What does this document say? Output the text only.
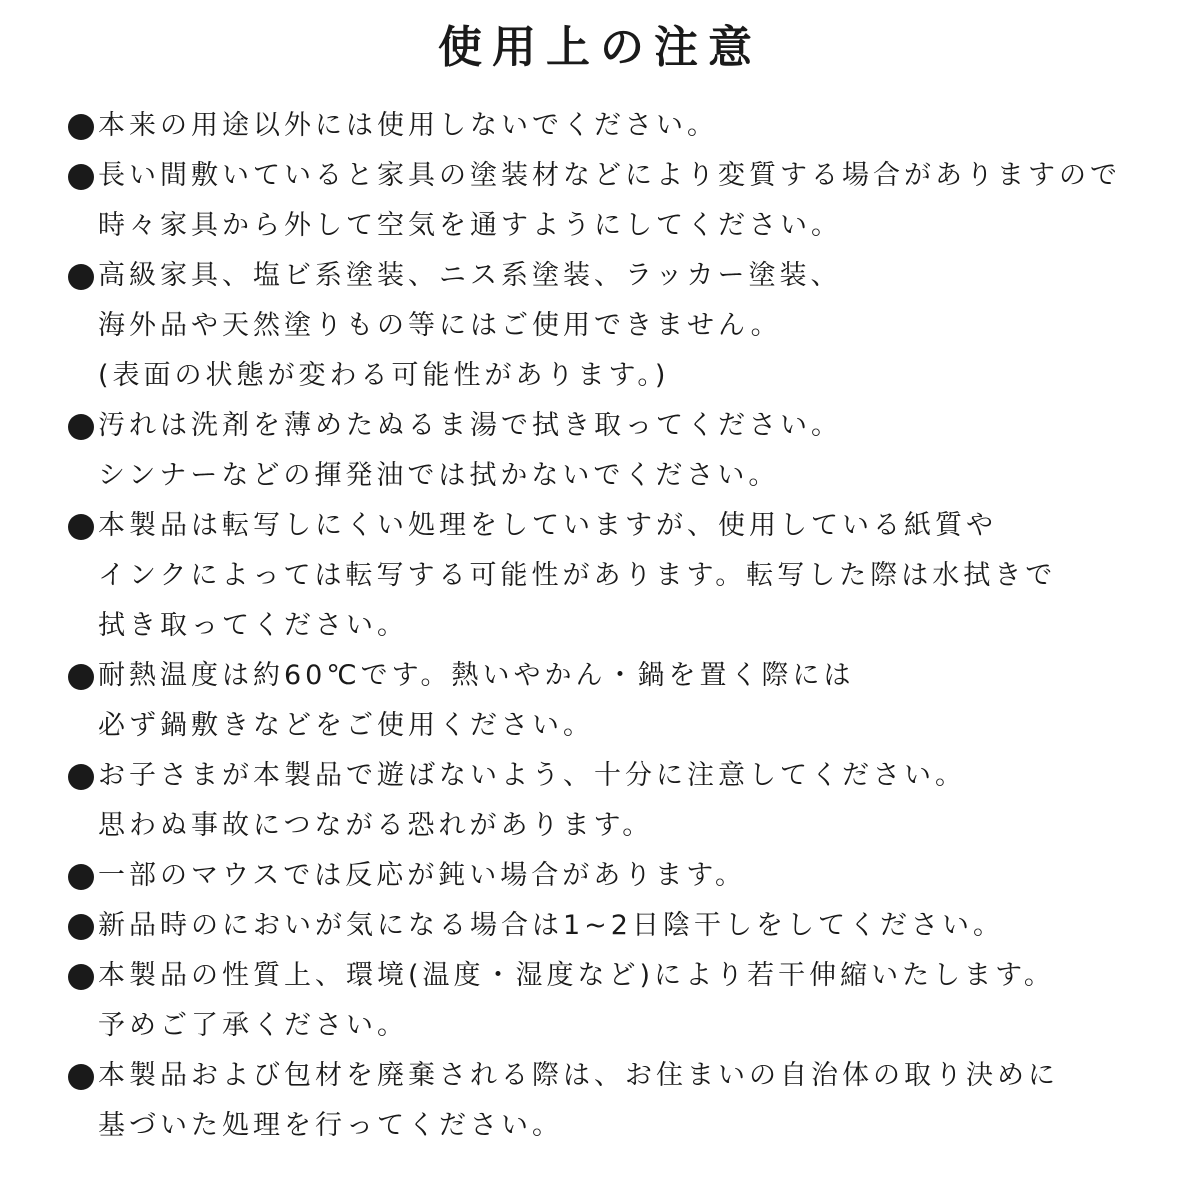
使用上の注意
本来の用途以外には使用しないでください。
長い間敷いていると家具の塗装材などにより変質する場合がありますので
時々家具から外して空気を通すようにしてください。
高級家具、塩ビ系塗装、ニス系塗装、ラッカー塗装、
海外品や天然塗りもの等にはご使用できません。
(表面の状態が変わる可能性があります。)
汚れは洗剤を薄めたぬるま湯で拭き取ってください。
シンナーなどの揮発油では拭かないでください。
本製品は転写しにくい処理をしていますが、使用している紙質や
インクによっては転写する可能性があります。転写した際は水拭きで
拭き取ってください。
耐熱温度は約60℃です。熱いやかん・鍋を置く際には
必ず鍋敷きなどをご使用ください。
お子さまが本製品で遊ばないよう、十分に注意してください。
思わぬ事故につながる恐れがあります。
一部のマウスでは反応が鈍い場合があります。
新品時のにおいが気になる場合は1~2日陰干しをしてください。
本製品の性質上、環境(温度・湿度など)により若干伸縮いたします。
予めご了承ください。
本製品および包材を廃棄される際は、お住まいの自治体の取り決めに
基づいた処理を行ってください。
